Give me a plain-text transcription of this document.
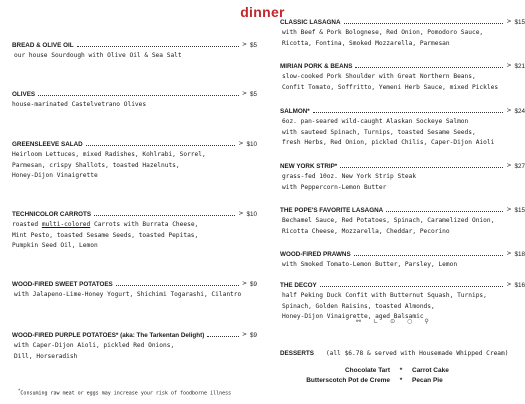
dinner
BREAD & OLIVE OIL	> $5
our house Sourdough with Olive Oil & Sea Salt
OLIVES	> $5
house-marinated Castelvetrano Olives
GREENSLEEVE SALAD	> $10
Heirloom Lettuces, mixed Radishes, Kohlrabi, Sorrel,
Parmesan, crispy Shallots, toasted Hazelnuts,
Honey-Dijon Vinaigrette
TECHNICOLOR CARROTS	> $10
roasted multi-colored Carrots with Burrata Cheese,
Mint Pesto, toasted Sesame Seeds, toasted Pepitas,
Pumpkin Seed Oil, Lemon
WOOD-FIRED SWEET POTATOES	> $9
with Jalapeno-Lime-Honey Yogurt, Shichimi Togarashi, Cilantro
WOOD-FIRED PURPLE POTATOES* (aka: The Tarkentan Delight)	> $9
with Caper-Dijon Aioli, pickled Red Onions,
Dill, Horseradish
CLASSIC LASAGNA	> $15
with Beef & Pork Bolognese, Red Onion, Pomodoro Sauce,
Ricotta, Fontina, Smoked Mozzarella, Parmesan
MIRIAN PORK & BEANS	> $21
slow-cooked Pork Shoulder with Great Northern Beans,
Confit Tomato, Soffritto, Yemeni Herb Sauce, mixed Pickles
SALMON*	> $24
6oz. pan-seared wild-caught Alaskan Sockeye Salmon
with sauteed Spinach, Turnips, toasted Sesame Seeds,
fresh Herbs, Red Onion, pickled Chilis, Caper-Dijon Aioli
NEW YORK STRIP*	> $27
grass-fed 10oz. New York Strip Steak
with Peppercorn-Lemon Butter
THE POPE'S FAVORITE LASAGNA	> $15
Bechamel Sauce, Red Potatoes, Spinach, Caramelized Onion,
Ricotta Cheese, Mozzarella, Cheddar, Pecorino
WOOD-FIRED PRAWNS	> $18
with Smoked Tomato-Lemon Butter, Parsley, Lemon
THE DECOY	> $16
half Peking Duck Confit with Butternut Squash, Turnips,
Spinach, Golden Raisins, toasted Almonds,
Honey-Dijon Vinaigrette, aged Balsamic
⚯ ∟ ⊙ ○ ⚲
DESSERTS (all $6.78 & served with Housemade Whipped Cream)
Chocolate Tart	*	Carrot Cake
Butterscotch Pot de Creme	*	Pecan Pie
*Consuming raw meat or eggs may increase your risk of foodborne illness
